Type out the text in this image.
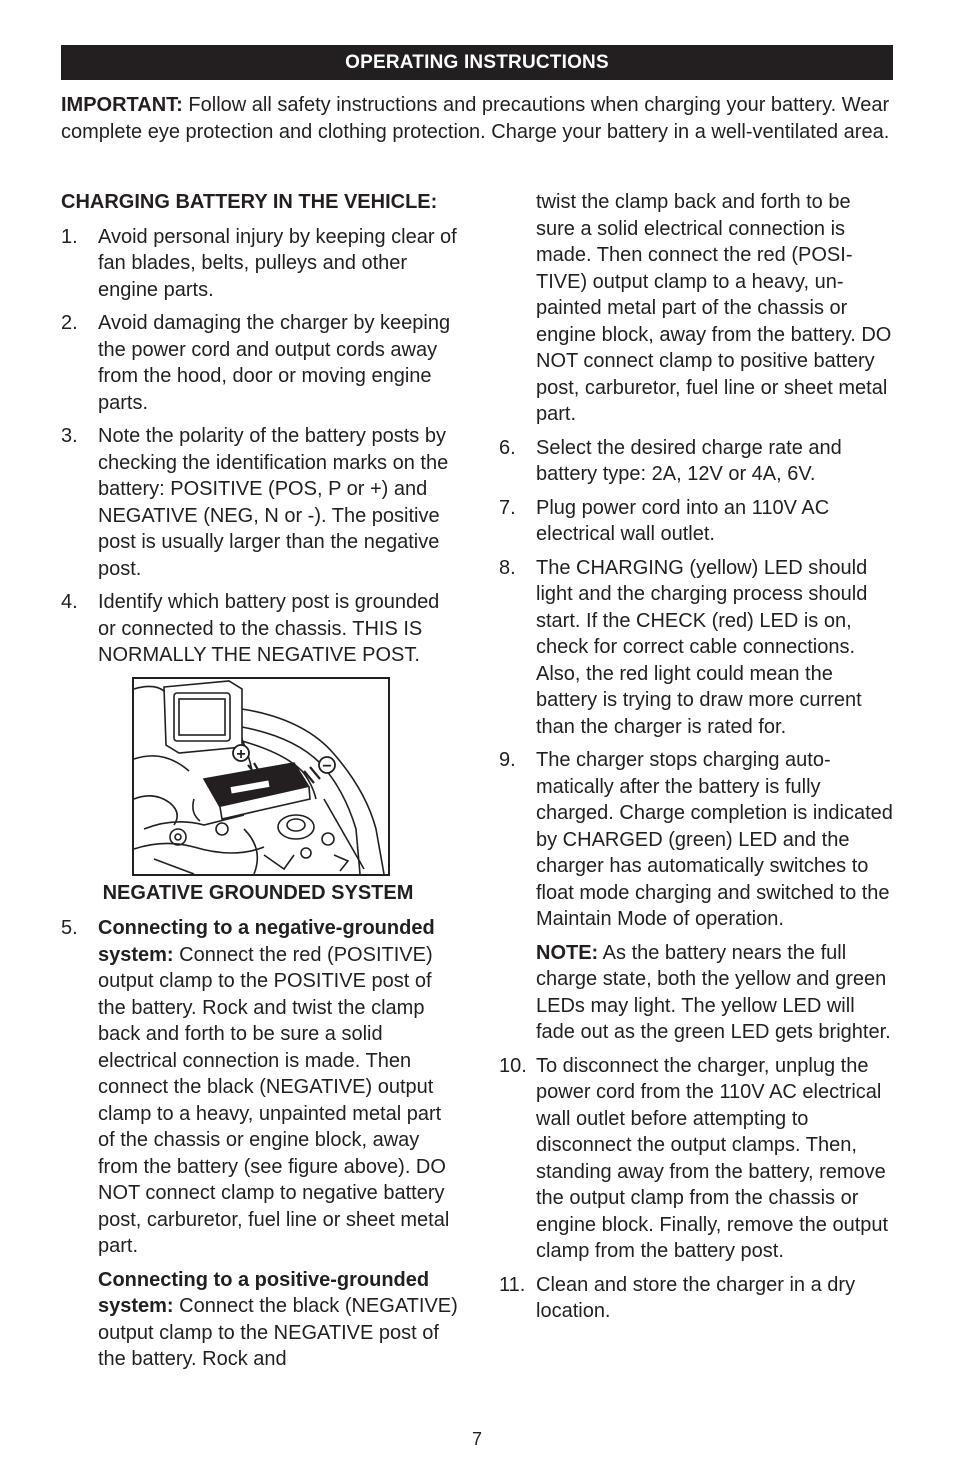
OPERATING INSTRUCTIONS
IMPORTANT: Follow all safety instructions and precautions when charging your battery. Wear complete eye protection and clothing protection. Charge your battery in a well-ventilated area.
CHARGING BATTERY IN THE VEHICLE:
1.	Avoid personal injury by keeping clear of fan blades, belts, pulleys and other engine parts.
2.	Avoid damaging the charger by keeping the power cord and output cords away from the hood, door or moving engine parts.
3.	Note the polarity of the battery posts by checking the identification marks on the battery: POSITIVE (POS, P or +) and NEGATIVE (NEG, N or -). The positive post is usually larger than the negative post.
4.	Identify which battery post is grounded or connected to the chassis. THIS IS NORMALLY THE NEGATIVE POST.
+
−
NEGATIVE GROUNDED SYSTEM
5.	Connecting to a negative-grounded system: Connect the red (POSITIVE) output clamp to the POSITIVE post of the battery. Rock and twist the clamp back and forth to be sure a solid electrical connection is made. Then connect the black (NEGATIVE) output clamp to a heavy, unpainted metal part of the chassis or engine block, away from the battery (see figure above). DO NOT connect clamp to negative battery post, carburetor, fuel line or sheet metal part.
Connecting to a positive-grounded system: Connect the black (NEGATIVE) output clamp to the NEGATIVE post of the battery. Rock and
twist the clamp back and forth to be sure a solid electrical connection is made. Then connect the red (POSITIVE) output clamp to a heavy, unpainted metal part of the chassis or engine block, away from the battery. DO NOT connect clamp to positive battery post, carburetor, fuel line or sheet metal part.
6.	Select the desired charge rate and battery type: 2A, 12V or 4A, 6V.
7.	Plug power cord into an 110V AC electrical wall outlet.
8.	The CHARGING (yellow) LED should light and the charging process should start. If the CHECK (red) LED is on, check for correct cable connections. Also, the red light could mean the battery is trying to draw more current than the charger is rated for.
9.	The charger stops charging automatically after the battery is fully charged. Charge completion is indicated by CHARGED (green) LED and the charger has automatically switches to float mode charging and switched to the Maintain Mode of operation.
NOTE: As the battery nears the full charge state, both the yellow and green LEDs may light. The yellow LED will fade out as the green LED gets brighter.
10. To disconnect the charger, unplug the power cord from the 110V AC electrical wall outlet before attempting to disconnect the output clamps. Then, standing away from the battery, remove the output clamp from the chassis or engine block. Finally, remove the output clamp from the battery post.
11. Clean and store the charger in a dry location.
7
